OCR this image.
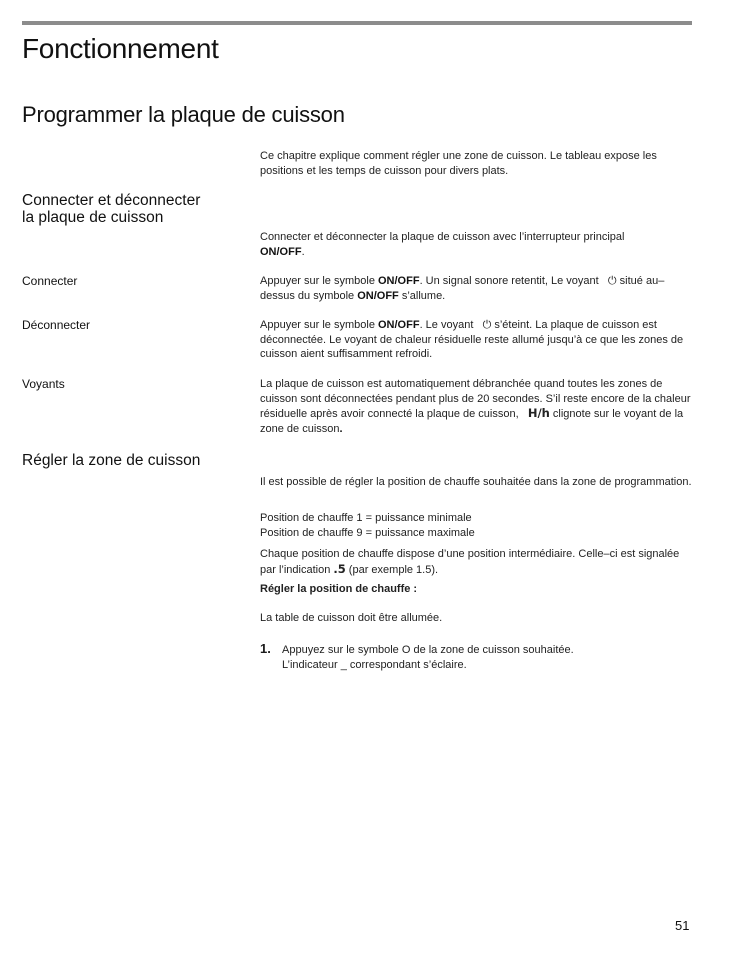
Fonctionnement
Programmer la plaque de cuisson
Ce chapitre explique comment régler une zone de cuisson. Le tableau expose les positions et les temps de cuisson pour divers plats.
Connecter et déconnecter
la plaque de cuisson
Connecter et déconnecter la plaque de cuisson avec l’interrupteur principal
ON/OFF.
Connecter	Appuyer sur le symbole ON/OFF. Un signal sonore retentit, Le voyant   ⏻ situé au–dessus du symbole ON/OFF s’allume.
Déconnecter	Appuyer sur le symbole ON/OFF. Le voyant   ⏻ s’éteint. La plaque de cuisson est déconnectée. Le voyant de chaleur résiduelle reste allumé jusqu’à ce que les zones de cuisson aient suffisamment refroidi.
Voyants	La plaque de cuisson est automatiquement débranchée quand toutes les zones de cuisson sont déconnectées pendant plus de 20 secondes. S’il reste encore de la chaleur résiduelle après avoir connecté la plaque de cuisson,   H/h clignote sur le voyant de la zone de cuisson.
Régler la zone de cuisson
Il est possible de régler la position de chauffe souhaitée dans la zone de programmation.
Position de chauffe 1 = puissance minimale
Position de chauffe 9 = puissance maximale
Chaque position de chauffe dispose d’une position intermédiaire. Celle–ci est signalée par l’indication .5 (par exemple 1.5).
Régler la position de chauffe :
La table de cuisson doit être allumée.
1. Appuyez sur le symbole O de la zone de cuisson souhaitée.
L’indicateur _ correspondant s’éclaire.
51
